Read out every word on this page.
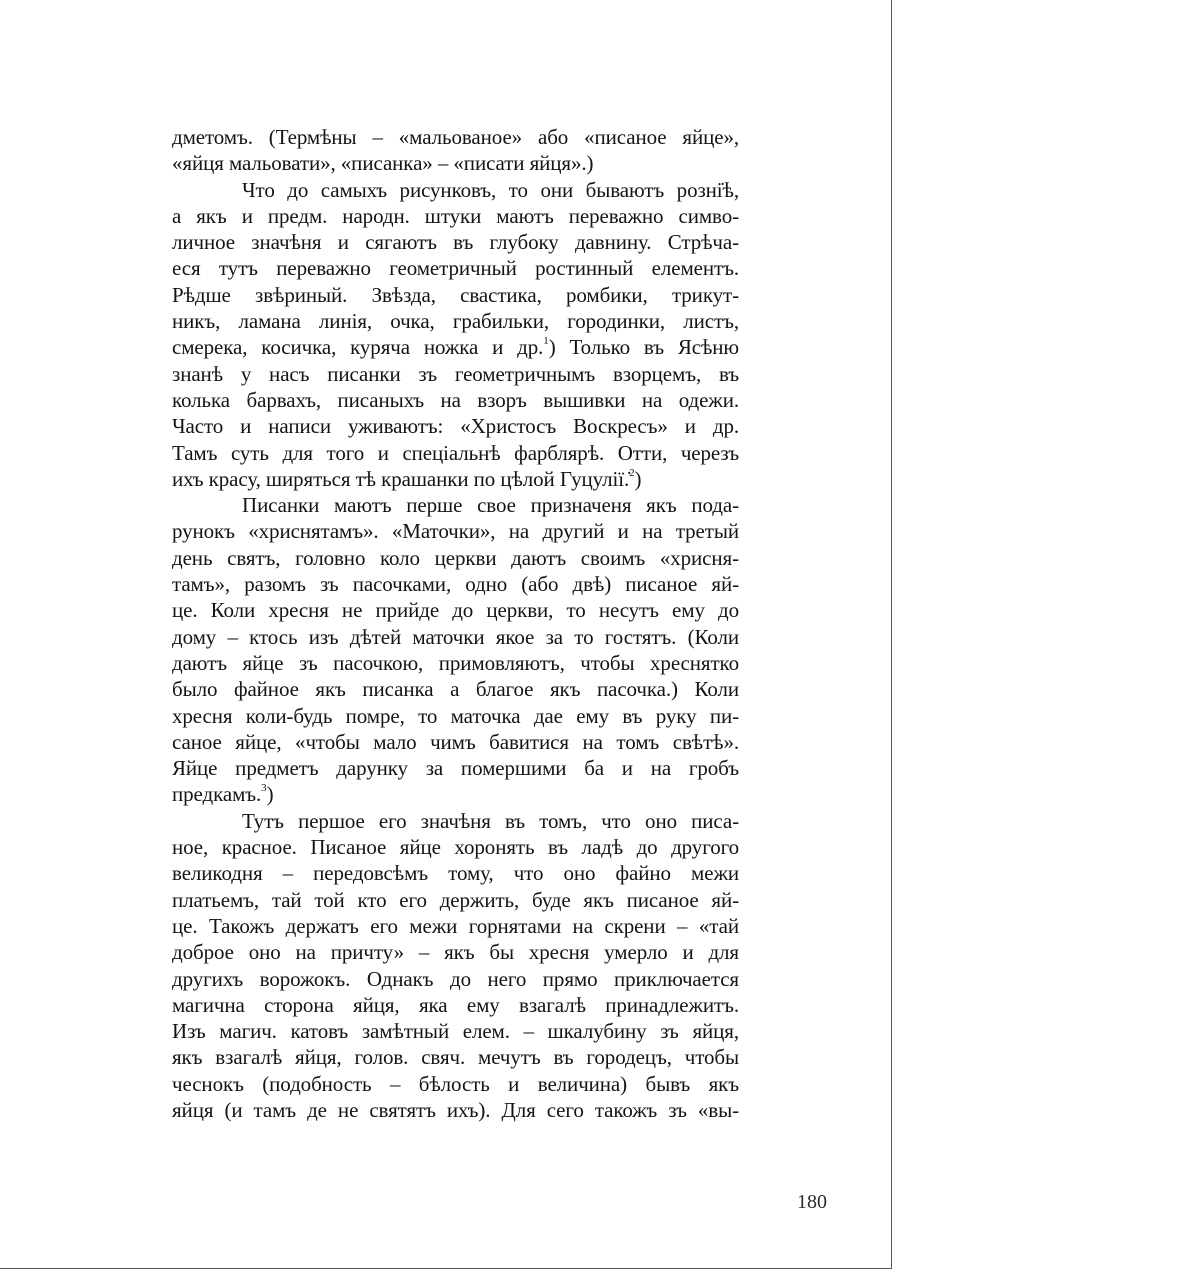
дметомъ. (Термѣны – «мальованое» або «писаное яйце»,
«яйця мальовати», «писанка» – «писати яйця».)
Что до самыхъ рисунковъ, то они бываютъ розні̇ѣ,
а якъ и предм. народн. штуки маютъ переважно симво-
личное значѣня и сягаютъ въ глубоку давнину. Стрѣча-
еся тутъ переважно геометричный ростинный елементъ.
Рѣдше звѣриный. Звѣзда, свастика, ромбики, трикут-
никъ, ламана линія, очка, грабильки, городинки, листъ,
смерека, косичка, куряча ножка и др.$^1$) Только въ Ясѣню
знанѣ у насъ писанки зъ геометричнымъ взорцемъ, въ
колька барвахъ, писаныхъ на взоръ вышивки на одежи.
Часто и написи уживаютъ: «Христосъ Воскресъ» и др.
Тамъ суть для того и спеціальнѣ фарблярѣ. Отти, черезъ
ихъ красу, ширяться тѣ крашанки по цѣлой Гуцулії.̇$^2$)
Писанки маютъ перше свое призначеня якъ пода-
рунокъ «хриснятамъ». «Маточки», на другий и на третый
день святъ, головно коло церкви даютъ своимъ «хрисня-
тамъ», разомъ зъ пасочками, одно (або двѣ) писаное яй-
це. Коли хресня не прийде до церкви, то несутъ ему до
дому – ктось изъ дѣтей маточки якое за то гостятъ. (Коли
даютъ яйце зъ пасочкою, примовляютъ, чтобы хреснятко
было файное якъ писанка а благое якъ пасочка.) Коли
хресня коли-будь помре, то маточка дае ему въ руку пи-
саное яйце, «чтобы мало чимъ бавитися на томъ свѣтѣ».
Яйце предметъ дарунку за помершими ба и на гробъ
предкамъ.$^3$)
Тутъ першое его значѣня въ томъ, что оно писа-
ное, красное. Писаное яйце хоронять въ ладѣ до другого
великодня – передовсѣмъ тому, что оно файно межи
платьемъ, тай той кто его держить, буде якъ писаное яй-
це. Такожъ держатъ его межи горнятами на скрени – «тай
доброе оно на причту» – якъ бы хресня умерло и для
другихъ ворожокъ. Однакъ до него прямо приключается
магична сторона яйця, яка ему взагалѣ принадлежитъ.
Изъ магич. катовъ замѣтный елем. – шкалубину зъ яйця,
якъ взагалѣ яйця, голов. свяч. мечутъ въ городецъ, чтобы
чеснокъ (подобность – бѣлость и величина) бывъ якъ
яйця (и тамъ де не святятъ ихъ). Для сего такожъ зъ «вы-
180
